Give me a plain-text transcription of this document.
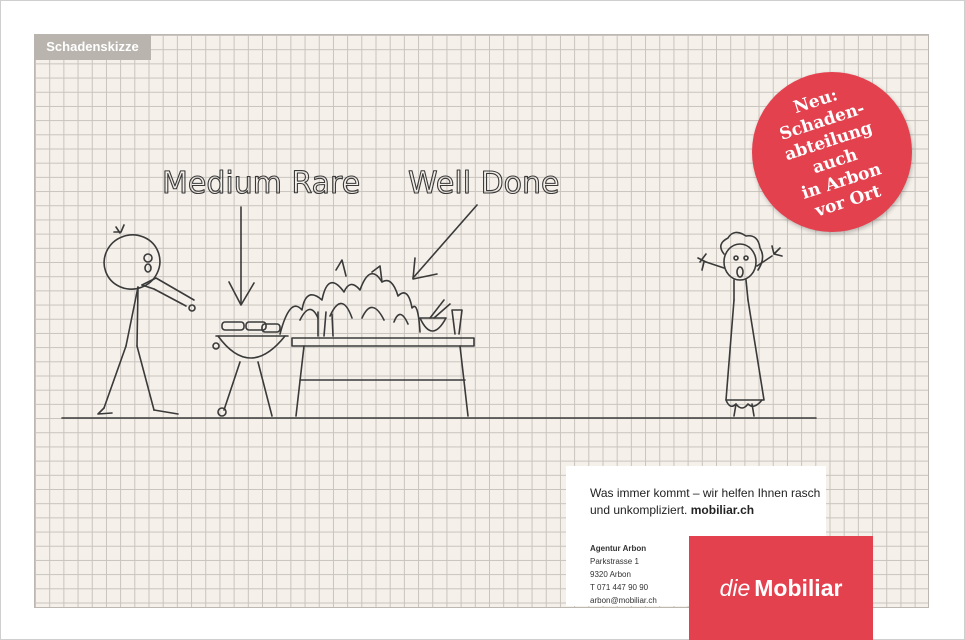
Schadenskizze
Medium Rare Well Done
Neu:
Schaden-
abteilung auch
in Arbon
vor Ort
Was immer kommt – wir helfen Ihnen rasch und unkompliziert. mobiliar.ch
Agentur Arbon
Parkstrasse 1
9320 Arbon
T 071 447 90 90
arbon@mobiliar.ch	die Mobiliar
